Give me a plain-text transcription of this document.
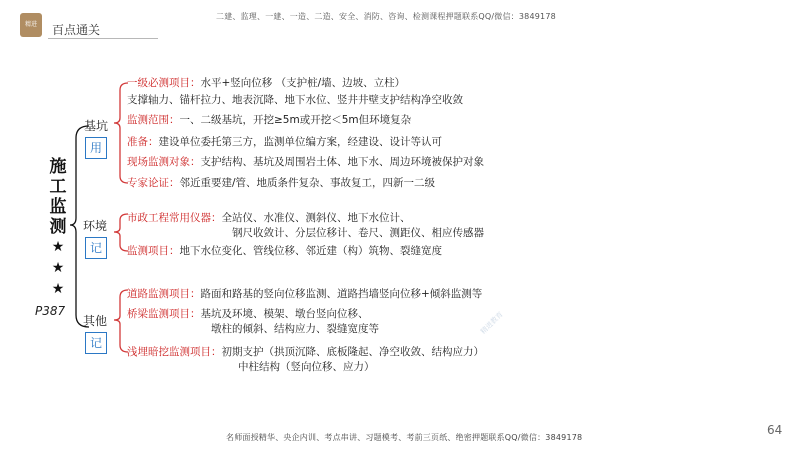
精进	百点通关
二建、监理、一建、一造、二造、安全、消防、咨询、检测课程押题联系QQ/微信：3849178
施
工
监
测
★
★
★
P387
基坑
用
一级必测项目：水平+竖向位移 （支护桩/墙、边坡、立柱）
支撑轴力、锚杆拉力、地表沉降、地下水位、竖井井壁支护结构净空收敛
监测范围：一、二级基坑，开挖≥5m或开挖＜5m但环境复杂
准备：建设单位委托第三方，监测单位编方案，经建设、设计等认可
现场监测对象：支护结构、基坑及周围岩土体、地下水、周边环境被保护对象
专家论证：邻近重要建/管、地质条件复杂、事故复工，四新一二级
环境
记
市政工程常用仪器：全站仪、水准仪、测斜仪、地下水位计、
钢尺收敛计、分层位移计、卷尺、测距仪、相应传感器
监测项目：地下水位变化、管线位移、邻近建（构）筑物、裂缝宽度
其他
记
道路监测项目：路面和路基的竖向位移监测、道路挡墙竖向位移+倾斜监测等
桥梁监测项目：基坑及环境、模架、墩台竖向位移、
墩柱的倾斜、结构应力、裂缝宽度等
浅埋暗挖监测项目：初期支护（拱顶沉降、底板隆起、净空收敛、结构应力）
中柱结构（竖向位移、应力）
精进教育
名师面授精华、央企内训、考点串讲、习题模考、考前三页纸、绝密押题联系QQ/微信：3849178
64
